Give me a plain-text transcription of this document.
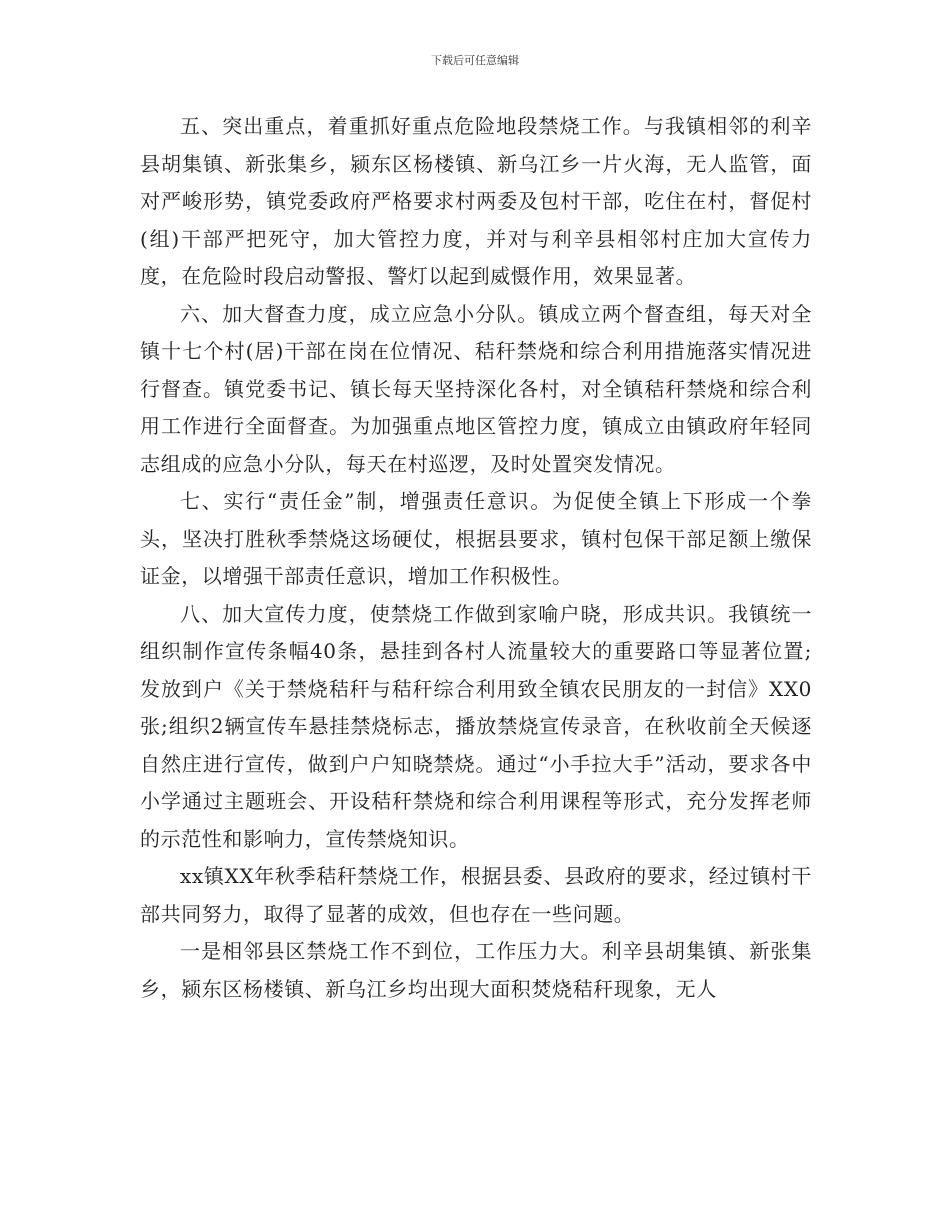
下载后可任意编辑

五、突出重点，着重抓好重点危险地段禁烧工作。与我镇相邻的利辛县胡集镇、新张集乡，颍东区杨楼镇、新乌江乡一片火海，无人监管，面对严峻形势，镇党委政府严格要求村两委及包村干部，吃住在村，督促村(组)干部严把死守，加大管控力度，并对与利辛县相邻村庄加大宣传力度，在危险时段启动警报、警灯以起到威慑作用，效果显著。

六、加大督查力度，成立应急小分队。镇成立两个督查组，每天对全镇十七个村(居)干部在岗在位情况、秸秆禁烧和综合利用措施落实情况进行督查。镇党委书记、镇长每天坚持深化各村，对全镇秸秆禁烧和综合利用工作进行全面督查。为加强重点地区管控力度，镇成立由镇政府年轻同志组成的应急小分队，每天在村巡逻，及时处置突发情况。

七、实行“责任金”制，增强责任意识。为促使全镇上下形成一个拳头，坚决打胜秋季禁烧这场硬仗，根据县要求，镇村包保干部足额上缴保证金，以增强干部责任意识，增加工作积极性。

八、加大宣传力度，使禁烧工作做到家喻户晓，形成共识。我镇统一组织制作宣传条幅40条，悬挂到各村人流量较大的重要路口等显著位置;发放到户《关于禁烧秸秆与秸秆综合利用致全镇农民朋友的一封信》XX0张;组织2辆宣传车悬挂禁烧标志，播放禁烧宣传录音，在秋收前全天候逐自然庄进行宣传，做到户户知晓禁烧。通过“小手拉大手”活动，要求各中小学通过主题班会、开设秸秆禁烧和综合利用课程等形式，充分发挥老师的示范性和影响力，宣传禁烧知识。

xx镇XX年秋季秸秆禁烧工作，根据县委、县政府的要求，经过镇村干部共同努力，取得了显著的成效，但也存在一些问题。

一是相邻县区禁烧工作不到位，工作压力大。利辛县胡集镇、新张集乡，颍东区杨楼镇、新乌江乡均出现大面积焚烧秸秆现象，无人
